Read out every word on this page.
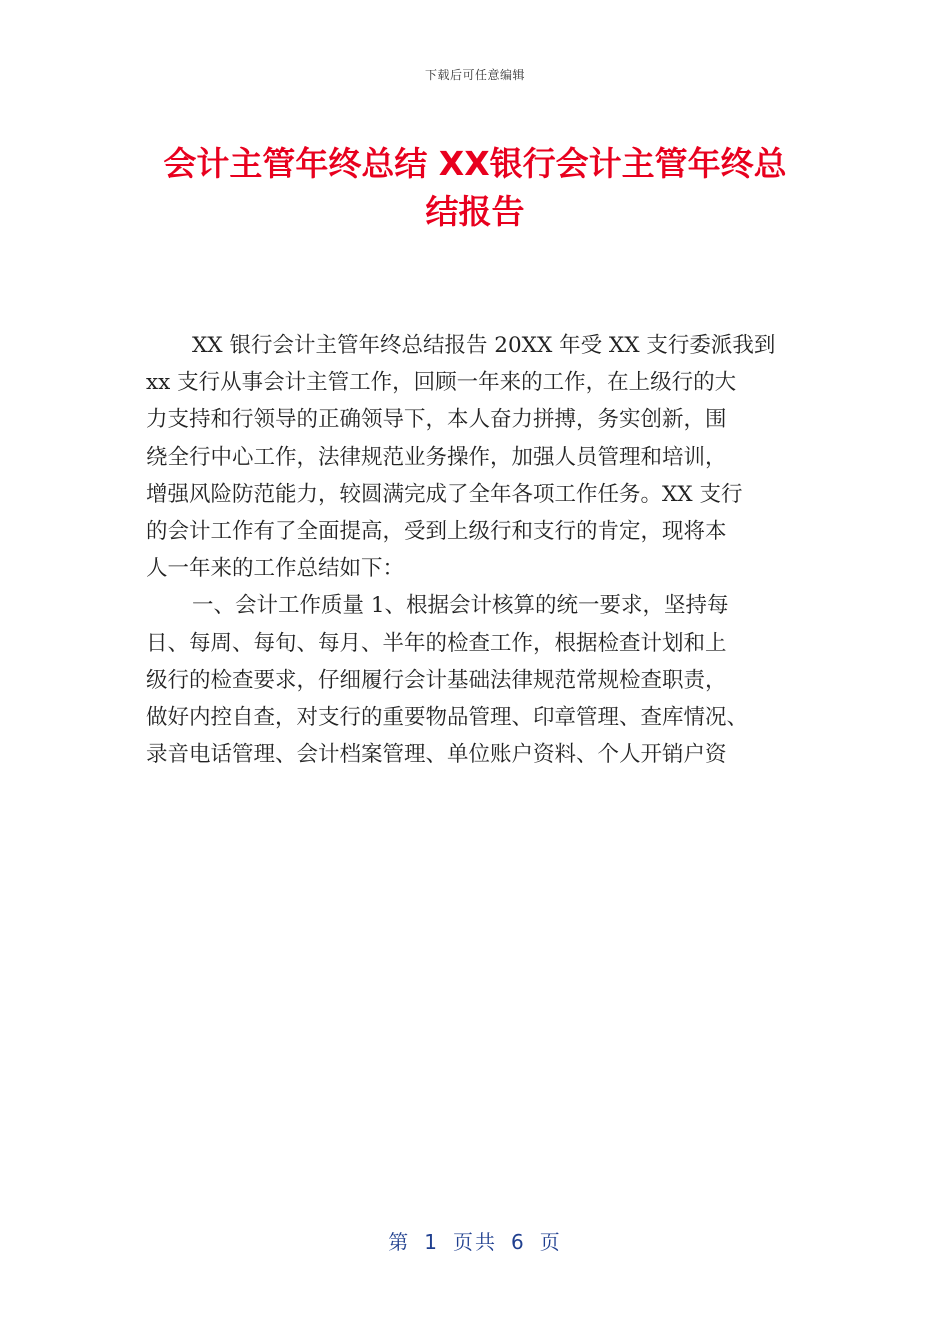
下载后可任意编辑
会计主管年终总结 XX银行会计主管年终总
结报告
XX 银行会计主管年终总结报告 20XX 年受 XX 支行委派我到
xx 支行从事会计主管工作，回顾一年来的工作，在上级行的大
力支持和行领导的正确领导下，本人奋力拼搏，务实创新，围
绕全行中心工作，法律规范业务操作，加强人员管理和培训，
增强风险防范能力，较圆满完成了全年各项工作任务。XX 支行
的会计工作有了全面提高，受到上级行和支行的肯定，现将本
人一年来的工作总结如下：
一、会计工作质量 1、根据会计核算的统一要求，坚持每
日、每周、每旬、每月、半年的检查工作，根据检查计划和上
级行的检查要求，仔细履行会计基础法律规范常规检查职责，
做好内控自查，对支行的重要物品管理、印章管理、查库情况、
录音电话管理、会计档案管理、单位账户资料、个人开销户资
第 1 页共 6 页
